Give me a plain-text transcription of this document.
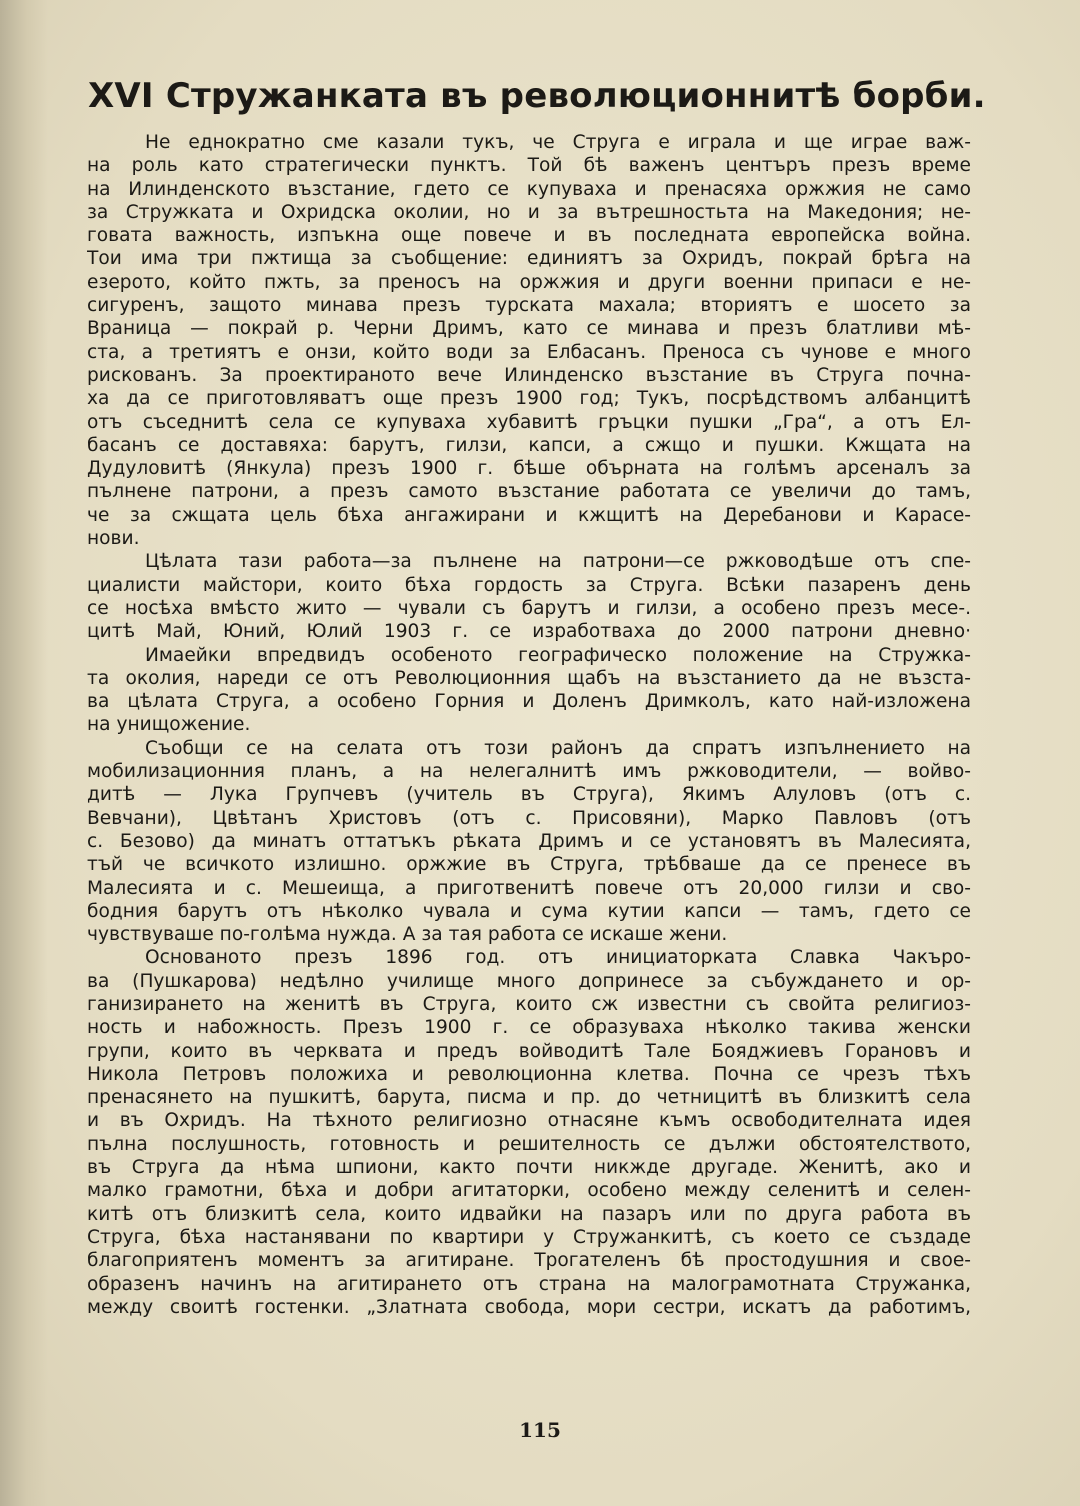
XVI Стружанката въ революционнитѣ борби.
Не еднократно сме казали тукъ, че Струга е играла и ще играе важ-
на роль като стратегически пунктъ. Той бѣ важенъ центъръ презъ време
на Илинденското възстание, гдето се купуваха и пренасяха оржжия не само
за Стружката и Охридска околии, но и за вътрешностьта на Македония; не-
говата важность, изпъкна още повече и въ последната европейска война.
Тои има три пжтища за съобщение: единиятъ за Охридъ, покрай брѣга на
езерото, който пжть, за преносъ на оржжия и други военни припаси е не-
сигуренъ, защото минава презъ турската махала; вториятъ е шосето за
Враница — покрай р. Черни Дримъ, като се минава и презъ блатливи мѣ-
ста, а третиятъ е онзи, който води за Елбасанъ. Преноса съ чунове е много
рискованъ. За проектираното вече Илинденско възстание въ Струга почна-
ха да се приготовляватъ още презъ 1900 год; Тукъ, посрѣдствомъ албанцитѣ
отъ съседнитѣ села се купуваха хубавитѣ гръцки пушки „Гра“, а отъ Ел-
басанъ се доставяха: барутъ, гилзи, капси, а сжщо и пушки. Кжщата на
Дудуловитѣ (Янкула) презъ 1900 г. бѣше обърната на голѣмъ арсеналъ за
пълнене патрони, а презъ самото възстание работата се увеличи до тамъ,
че за сжщата цель бѣха ангажирани и кжщитѣ на Деребанови и Карасе-
нови.
Цѣлата тази работа—за пълнене на патрони—се ржководѣше отъ спе-
циалисти майстори, които бѣха гордость за Струга. Всѣки пазаренъ день
се носѣха вмѣсто жито — чували съ барутъ и гилзи, а особено презъ месе-.
цитѣ Май, Юний, Юлий 1903 г. се изработваха до 2000 патрони дневно·
Имаейки впредвидъ особеното географическо положение на Стружка-
та околия, нареди се отъ Революционния щабъ на възстанието да не възста-
ва цѣлата Струга, а особено Горния и Доленъ Дримколъ, като най-изложена
на унищожение.
Съобщи се на селата отъ този районъ да спратъ изпълнението на
мобилизационния планъ, а на нелегалнитѣ имъ ржководители, — войво-
дитѣ — Лука Групчевъ (учитель въ Струга), Якимъ Алуловъ (отъ с.
Вевчани), Цвѣтанъ Христовъ (отъ с. Присовяни), Марко Павловъ (отъ
с. Безово) да минатъ оттатъкъ рѣката Дримъ и се установятъ въ Малесията,
тъй че всичкото излишно. оржжие въ Струга, трѣбваше да се пренесе въ
Малесията и с. Мешеища, а приготвенитѣ повече отъ 20,000 гилзи и сво-
бодния барутъ отъ нѣколко чувала и сума кутии капси — тамъ, гдето се
чувствуваше по-голѣма нужда. А за тая работа се искаше жени.
Основаното презъ 1896 год. отъ инициаторката Славка Чакъро-
ва (Пушкарова) недѣлно училище много допринесе за събуждането и ор-
ганизирането на женитѣ въ Струга, които сж известни съ свойта религиоз-
ность и набожность. Презъ 1900 г. се образуваха нѣколко такива женски
групи, които въ черквата и предъ войводитѣ Тале Бояджиевъ Горановъ и
Никола Петровъ положиха и революционна клетва. Почна се чрезъ тѣхъ
пренасянето на пушкитѣ, барута, писма и пр. до четницитѣ въ близкитѣ села
и въ Охридъ. На тѣхното религиозно отнасяне къмъ освободителната идея
пълна послушность, готовность и решителность се дължи обстоятелството,
въ Струга да нѣма шпиони, както почти никжде другаде. Женитѣ, ако и
малко грамотни, бѣха и добри агитаторки, особено между селенитѣ и селен-
китѣ отъ близкитѣ села, които идвайки на пазаръ или по друга работа въ
Струга, бѣха настанявани по квартири у Стружанкитѣ, съ което се създаде
благоприятенъ моментъ за агитиране. Трогателенъ бѣ простодушния и свое-
образенъ начинъ на агитирането отъ страна на малограмотната Стружанка,
между своитѣ гостенки. „Златната свобода, мори сестри, искатъ да работимъ,
115
